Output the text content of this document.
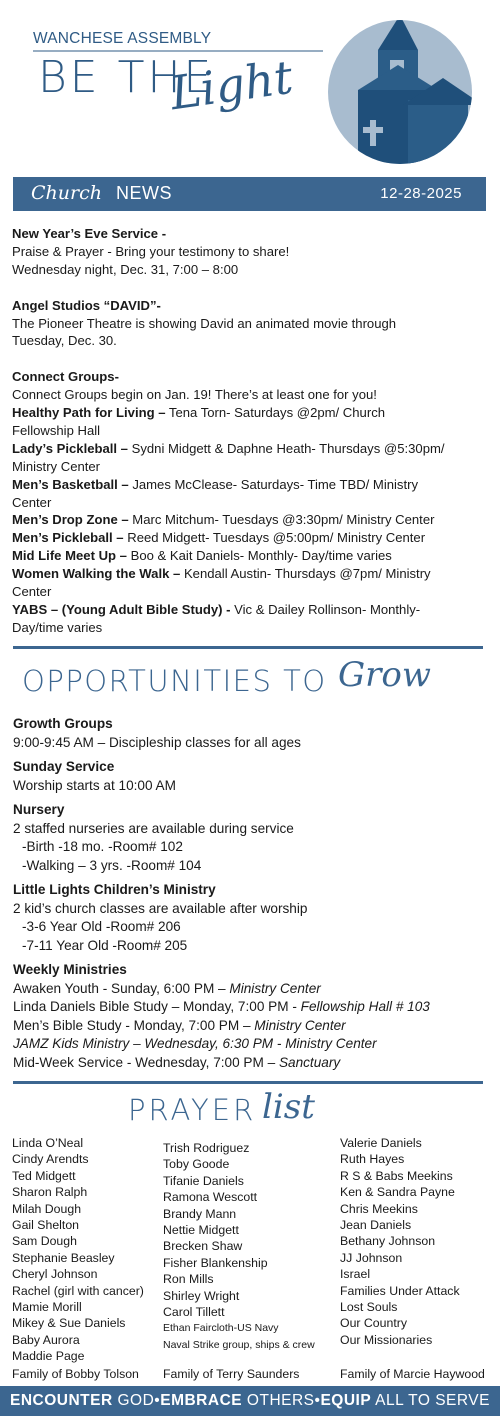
WANCHESE ASSEMBLY
BE THE
Light
Church NEWS	12-28-2025

New Year’s Eve Service -

Praise & Prayer - Bring your testimony to share!

Wednesday night, Dec. 31, 7:00 – 8:00

Angel Studios “DAVID”-

The Pioneer Theatre is showing David an animated movie through

Tuesday, Dec. 30.

Connect Groups-

Connect Groups begin on Jan. 19! There’s at least one for you!

Healthy Path for Living – Tena Torn- Saturdays @2pm/ Church

Fellowship Hall

Lady’s Pickleball – Sydni Midgett & Daphne Heath- Thursdays @5:30pm/

Ministry Center

Men’s Basketball – James McClease- Saturdays- Time TBD/ Ministry

Center

Men’s Drop Zone – Marc Mitchum- Tuesdays @3:30pm/ Ministry Center

Men’s Pickleball – Reed Midgett- Tuesdays @5:00pm/ Ministry Center

Mid Life Meet Up – Boo & Kait Daniels- Monthly- Day/time varies

Women Walking the Walk – Kendall Austin- Thursdays @7pm/ Ministry

Center

YABS – (Young Adult Bible Study) - Vic & Dailey Rollinson- Monthly-

Day/time varies

OPPORTUNITIES TO Grow
Growth Groups
9:00-9:45 AM – Discipleship classes for all ages
Sunday Service
Worship starts at 10:00 AM
Nursery
2 staffed nurseries are available during service
-Birth -18 mo. -Room# 102
-Walking – 3 yrs. -Room# 104
Little Lights Children’s Ministry
2 kid’s church classes are available after worship
-3-6 Year Old -Room# 206
-7-11 Year Old -Room# 205
Weekly Ministries
Awaken Youth - Sunday, 6:00 PM – Ministry Center
Linda Daniels Bible Study – Monday, 7:00 PM - Fellowship Hall # 103
Men’s Bible Study - Monday, 7:00 PM – Ministry Center
JAMZ Kids Ministry – Wednesday, 6:30 PM - Ministry Center
Mid-Week Service - Wednesday, 7:00 PM – Sanctuary
PRAYER list
Linda O’Neal
Cindy Arendts
Ted Midgett
Sharon Ralph
Milah Dough
Gail Shelton
Sam Dough
Stephanie Beasley
Cheryl Johnson
Rachel (girl with cancer)
Mamie Morill
Mikey & Sue Daniels
Baby Aurora
Maddie Page
Trish Rodriguez
Toby Goode
Tifanie Daniels
Ramona Wescott
Brandy Mann
Nettie Midgett
Brecken Shaw
Fisher Blankenship
Ron Mills
Shirley Wright
Carol Tillett
Ethan Faircloth-US Navy
Naval Strike group, ships & crew
Valerie Daniels
Ruth Hayes
R S & Babs Meekins
Ken & Sandra Payne
Chris Meekins
Jean Daniels
Bethany Johnson
JJ Johnson
Israel
Families Under Attack
Lost Souls
Our Country
Our Missionaries
Family of Bobby Tolson Family of Terry Saunders	Family of Marcie Haywood
ENCOUNTER GOD•EMBRACE OTHERS•EQUIP ALL TO SERVE
